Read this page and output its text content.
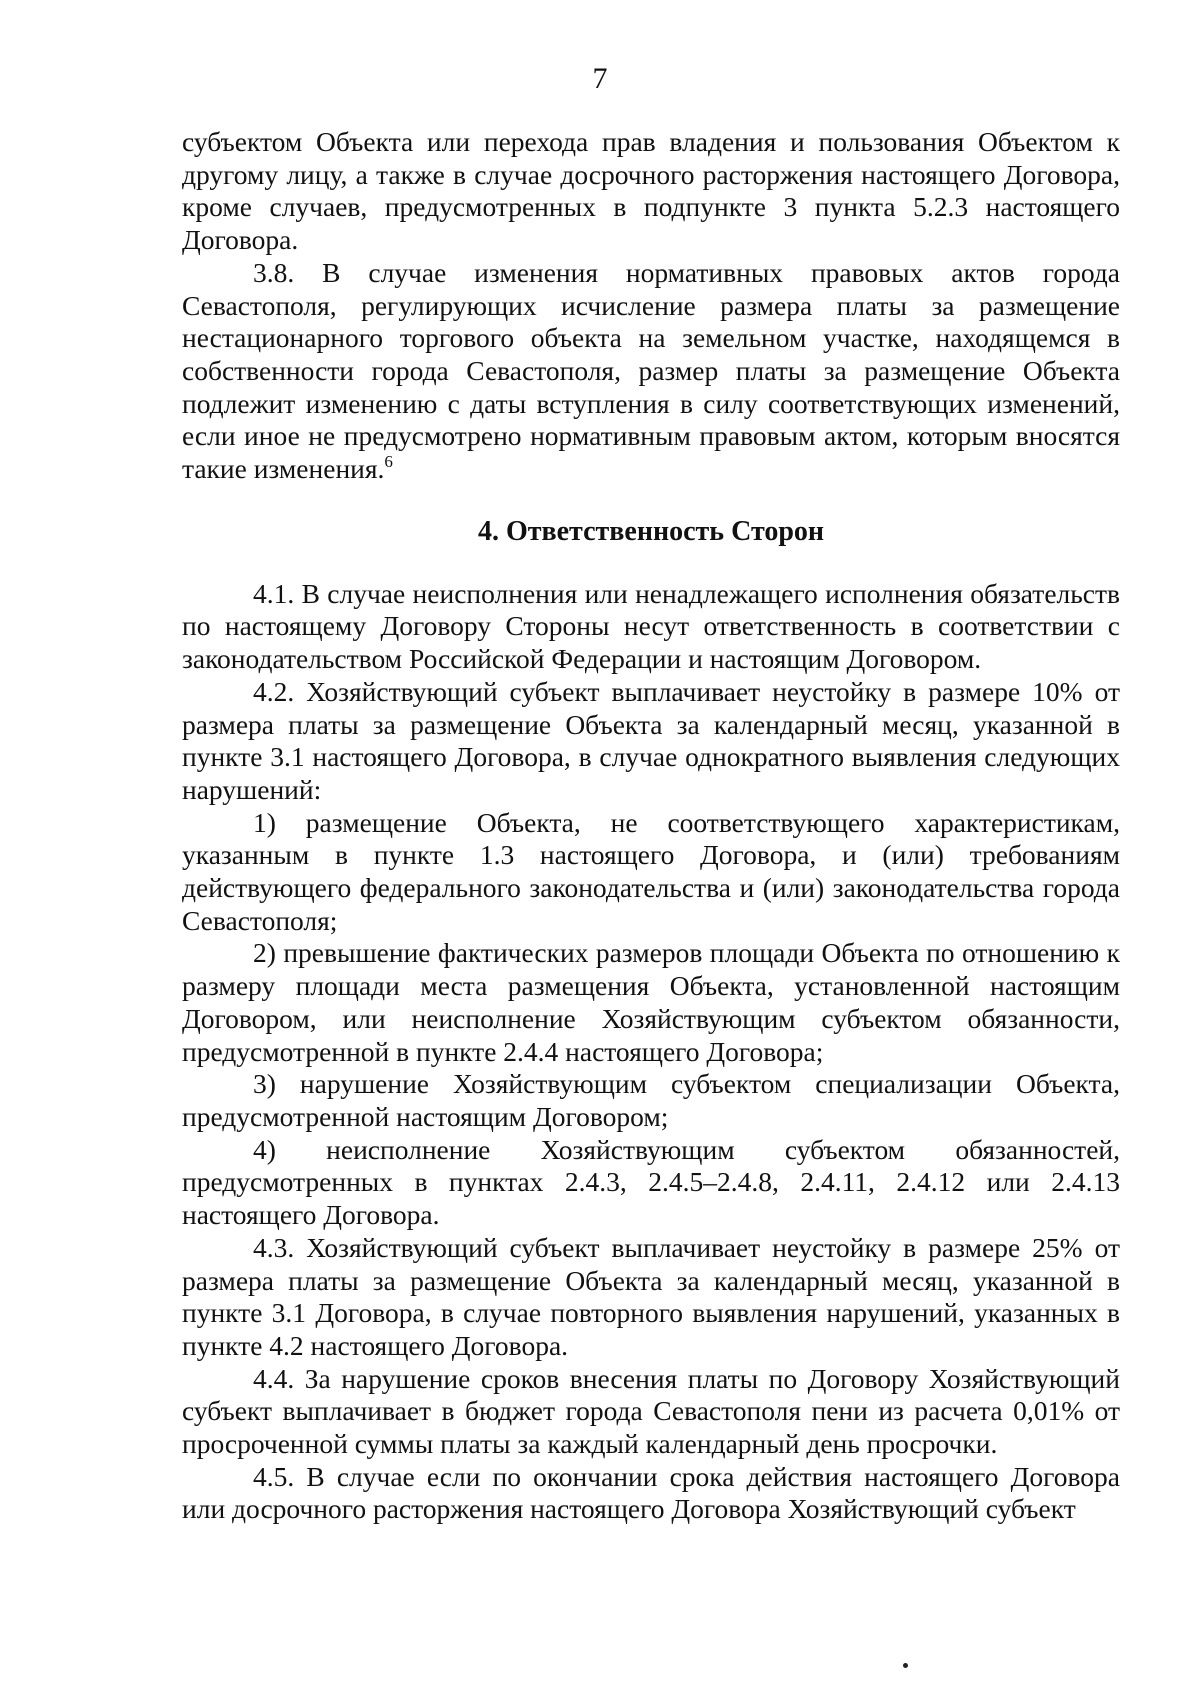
7

субъектом Объекта или перехода прав владения и пользования Объектом к другому лицу, а также в случае досрочного расторжения настоящего Договора, кроме случаев, предусмотренных в подпункте 3 пункта 5.2.3 настоящего Договора.

3.8. В случае изменения нормативных правовых актов города Севастополя, регулирующих исчисление размера платы за размещение нестационарного торгового объекта на земельном участке, находящемся в собственности города Севастополя, размер платы за размещение Объекта подлежит изменению с даты вступления в силу соответствующих изменений, если иное не предусмотрено нормативным правовым актом, которым вносятся такие изменения.$^6$

4. Ответственность Сторон

4.1. В случае неисполнения или ненадлежащего исполнения обязательств по настоящему Договору Стороны несут ответственность в соответствии с законодательством Российской Федерации и настоящим Договором.

4.2. Хозяйствующий субъект выплачивает неустойку в размере 10% от размера платы за размещение Объекта за календарный месяц, указанной в пункте 3.1 настоящего Договора, в случае однократного выявления следующих нарушений:

1) размещение Объекта, не соответствующего характеристикам, указанным в пункте 1.3 настоящего Договора, и (или) требованиям действующего федерального законодательства и (или) законодательства города Севастополя;

2) превышение фактических размеров площади Объекта по отношению к размеру площади места размещения Объекта, установленной настоящим Договором, или неисполнение Хозяйствующим субъектом обязанности, предусмотренной в пункте 2.4.4 настоящего Договора;

3) нарушение Хозяйствующим субъектом специализации Объекта, предусмотренной настоящим Договором;

4) неисполнение Хозяйствующим субъектом обязанностей, предусмотренных в пунктах 2.4.3, 2.4.5–2.4.8, 2.4.11, 2.4.12 или 2.4.13 настоящего Договора.

4.3. Хозяйствующий субъект выплачивает неустойку в размере 25% от размера платы за размещение Объекта за календарный месяц, указанной в пункте 3.1 Договора, в случае повторного выявления нарушений, указанных в пункте 4.2 настоящего Договора.

4.4. За нарушение сроков внесения платы по Договору Хозяйствующий субъект выплачивает в бюджет города Севастополя пени из расчета 0,01% от просроченной суммы платы за каждый календарный день просрочки.

4.5. В случае если по окончании срока действия настоящего Договора или досрочного расторжения настоящего Договора Хозяйствующий субъект
